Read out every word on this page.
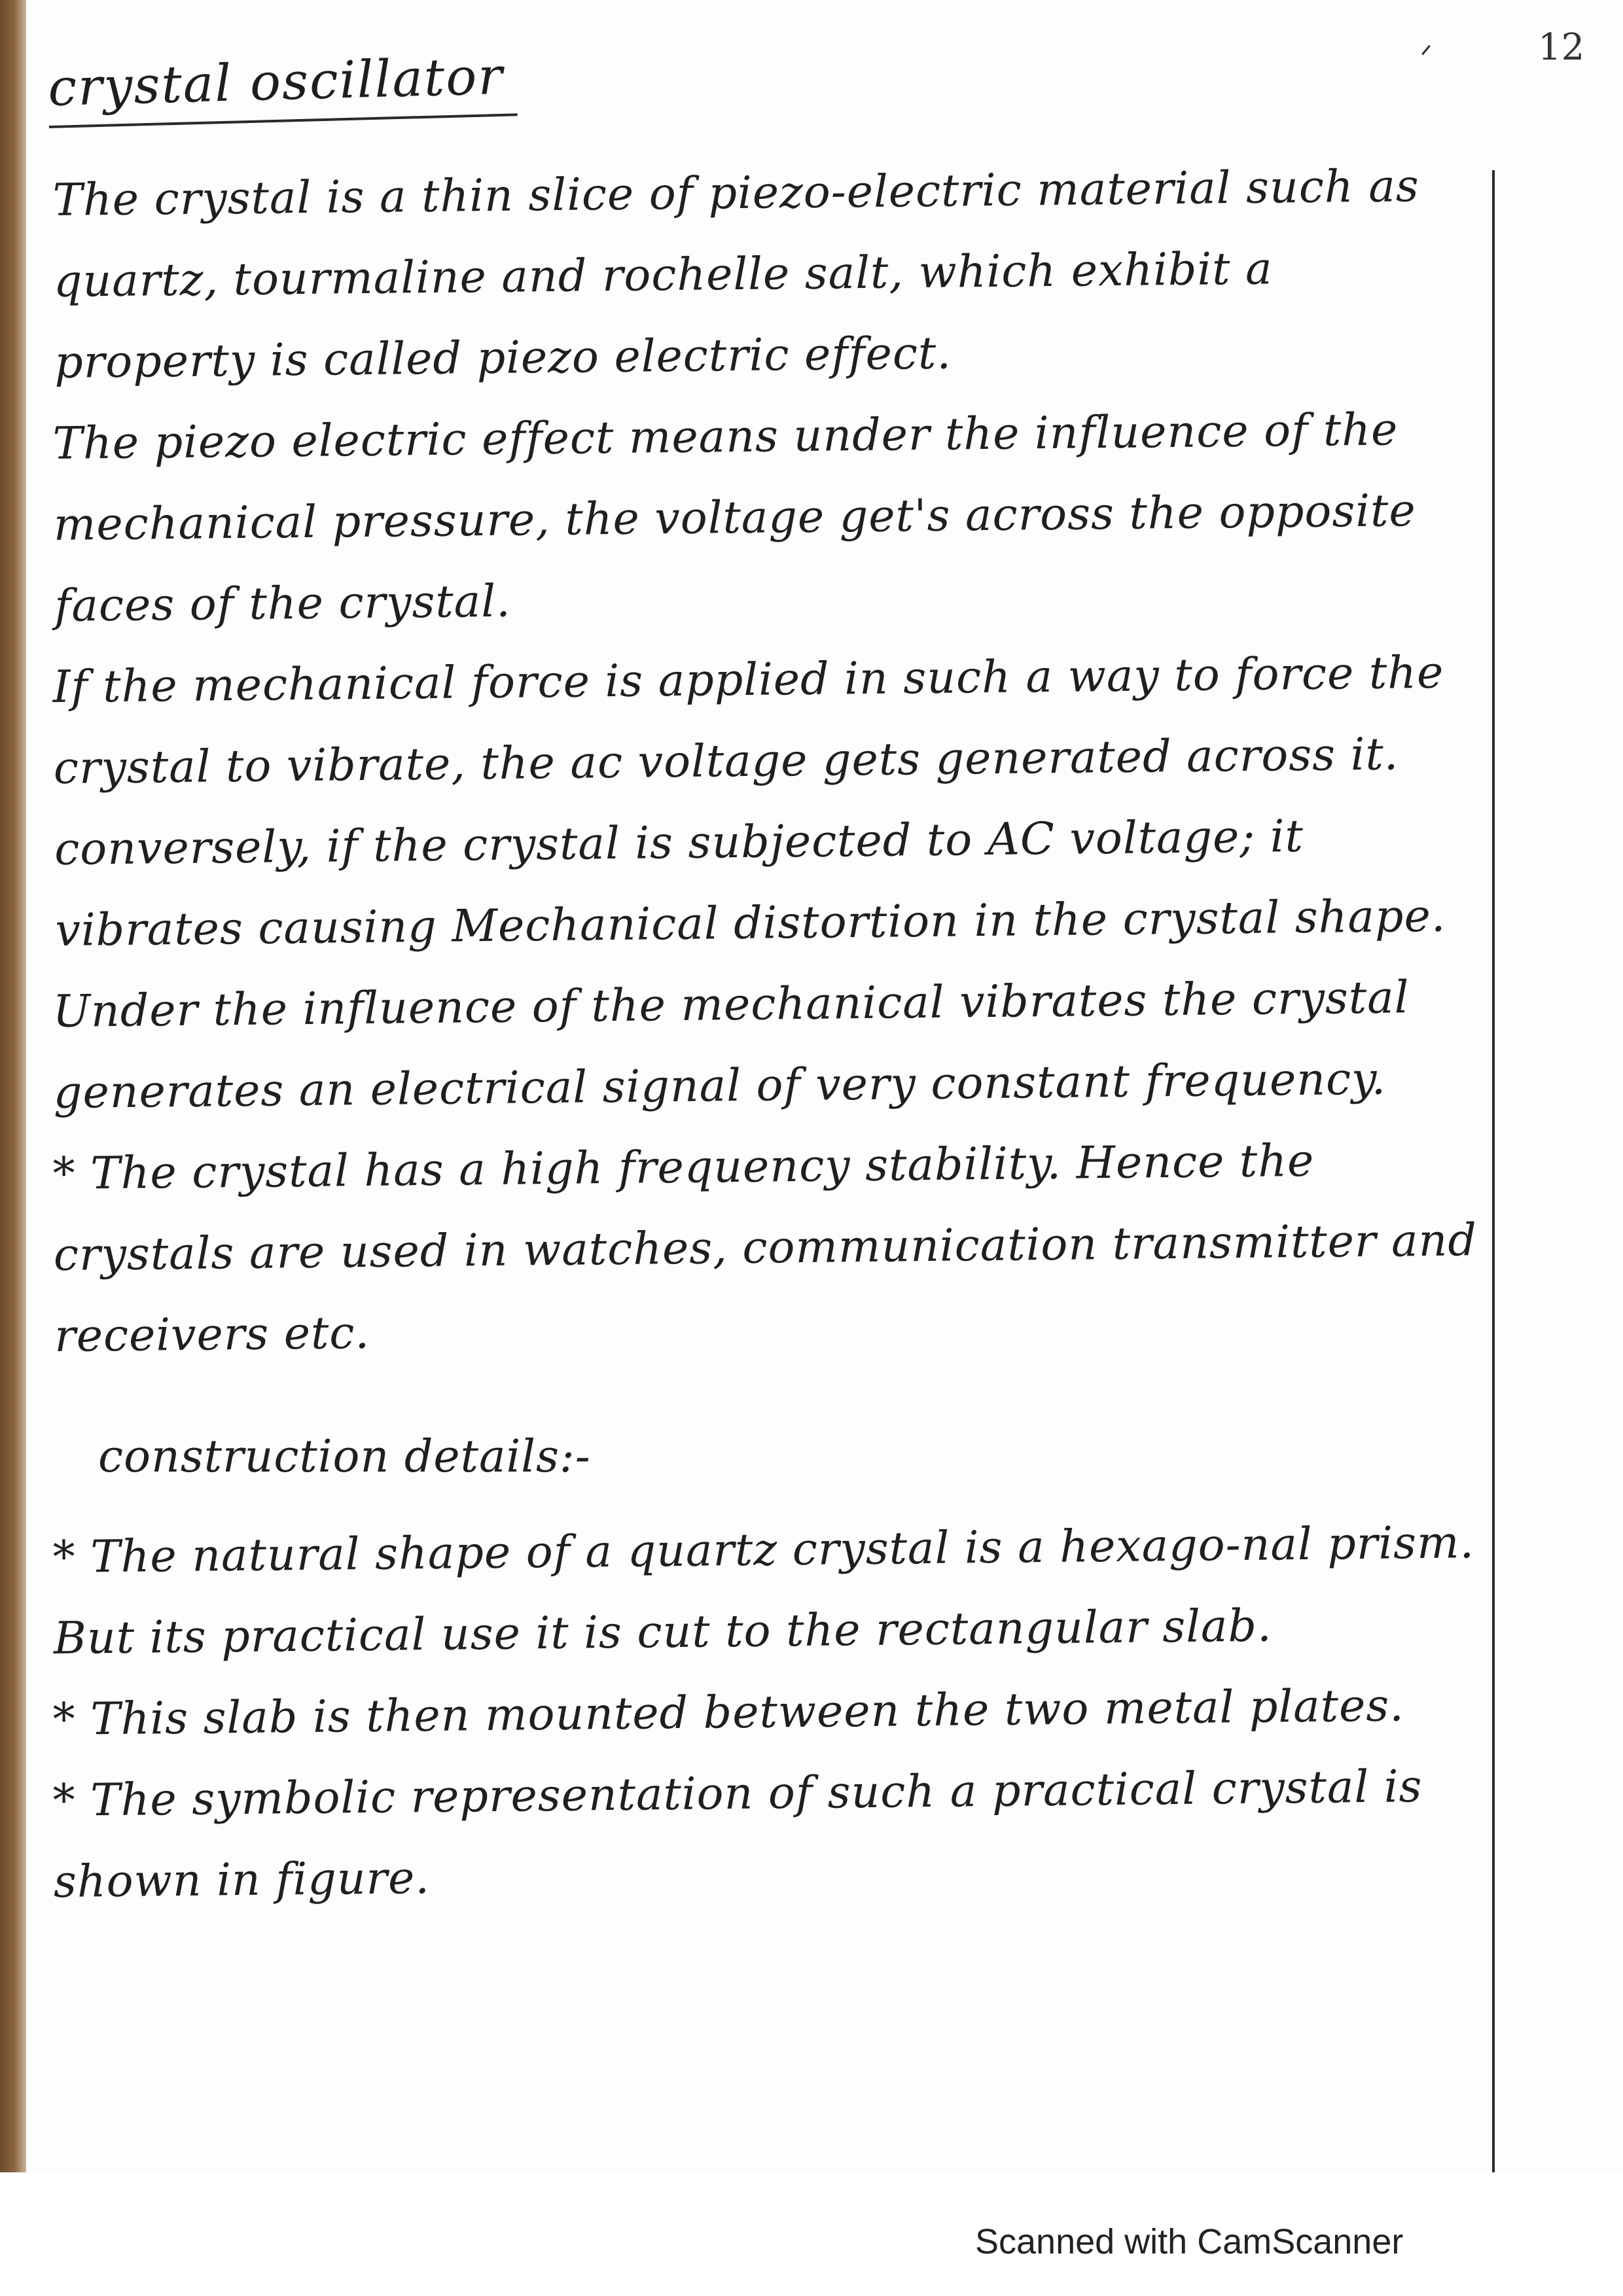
ᐟ	12
crystal oscillator

The crystal is a thin slice of piezo-electric material such as quartz, tourmaline and rochelle salt, which exhibit a property is called piezo electric effect.

The piezo electric effect means under the influence of the mechanical pressure, the voltage get's across the opposite faces of the crystal.

If the mechanical force is applied in such a way to force the crystal to vibrate, the ac voltage gets generated across it. conversely, if the crystal is subjected to AC voltage; it vibrates causing Mechanical distortion in the crystal shape.

Under the influence of the mechanical vibrates the crystal generates an electrical signal of very constant frequency.

* The crystal has a high frequency stability. Hence the crystals are used in watches, communication transmitter and receivers etc.

construction details:-

* The natural shape of a quartz crystal is a hexago-nal prism. But its practical use it is cut to the rectangular slab.

* This slab is then mounted between the two metal plates.

* The symbolic representation of such a practical crystal is shown in figure.

Scanned with CamScanner
